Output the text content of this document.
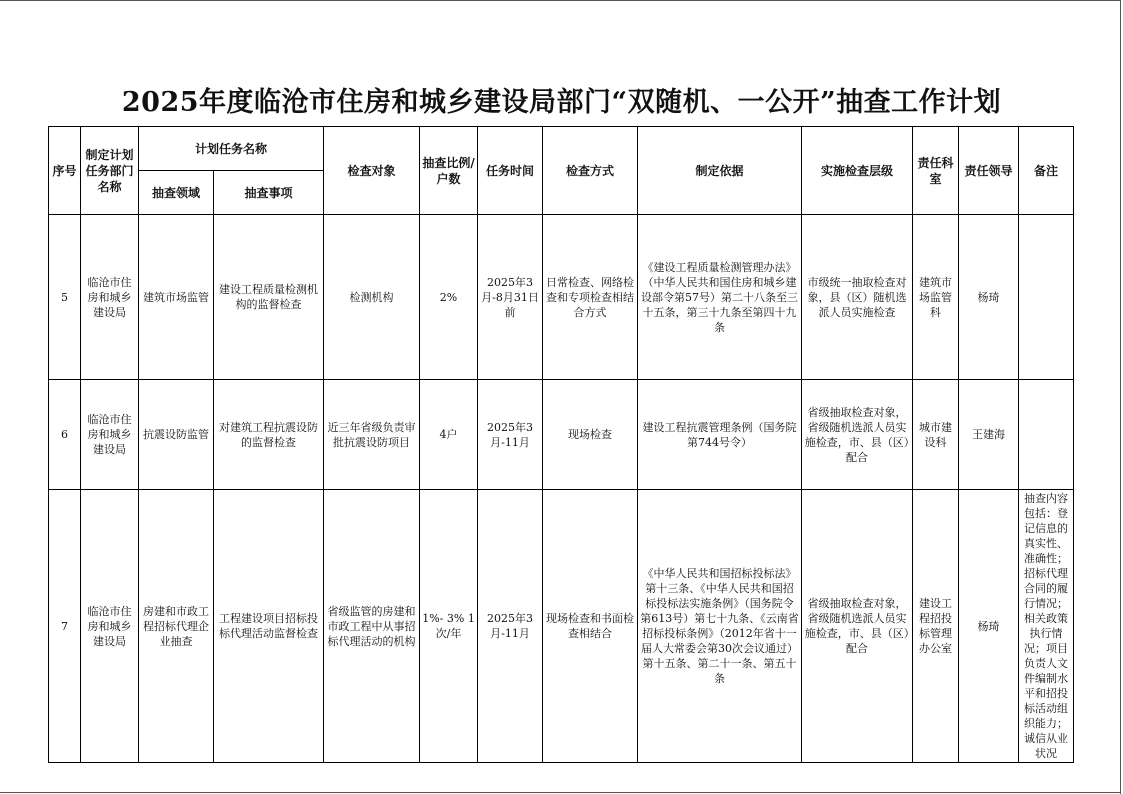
2025年度临沧市住房和城乡建设局部门“双随机、一公开”抽查工作计划
序号	制定计划任务部门名称	计划任务名称		检查对象	抽查比例/户数	任务时间	检查方式	制定依据	实施检查层级	责任科室	责任领导	备注
		抽查领域	抽查事项									
5	临沧市住房和城乡建设局	建筑市场监管	建设工程质量检测机构的监督检查	检测机构	2%	2025年3月-8月31日前	日常检查、网络检查和专项检查相结合方式	《建设工程质量检测管理办法》（中华人民共和国住房和城乡建设部令第57号）第二十八条至三十五条，第三十九条至第四十九条	市级统一抽取检查对象，县（区）随机选派人员实施检查	建筑市场监管科	杨琦	
6	临沧市住房和城乡建设局	抗震设防监管	对建筑工程抗震设防的监督检查	近三年省级负责审批抗震设防项目	4户	2025年3月-11月	现场检查	建设工程抗震管理条例（国务院第744号令）	省级抽取检查对象，省级随机选派人员实施检查，市、县（区）配合	城市建设科	王建海	
7	临沧市住房和城乡建设局	房建和市政工程招标代理企业抽查	工程建设项目招标投标代理活动监督检查	省级监管的房建和市政工程中从事招标代理活动的机构	1%- 3% 1次/年	2025年3月-11月	现场检查和书面检查相结合	《中华人民共和国招标投标法》第十三条、《中华人民共和国招标投标法实施条例》（国务院令第613号）第七十九条、《云南省招标投标条例》（2012年省十一届人大常委会第30次会议通过）第十五条、第二十一条、第五十条	省级抽取检查对象，省级随机选派人员实施检查，市、县（区）配合	建设工程招投标管理办公室	杨琦	抽查内容包括：登记信息的真实性、准确性；招标代理合同的履行情况；相关政策执行情况；项目负责人文件编制水平和招投标活动组织能力；诚信从业状况
